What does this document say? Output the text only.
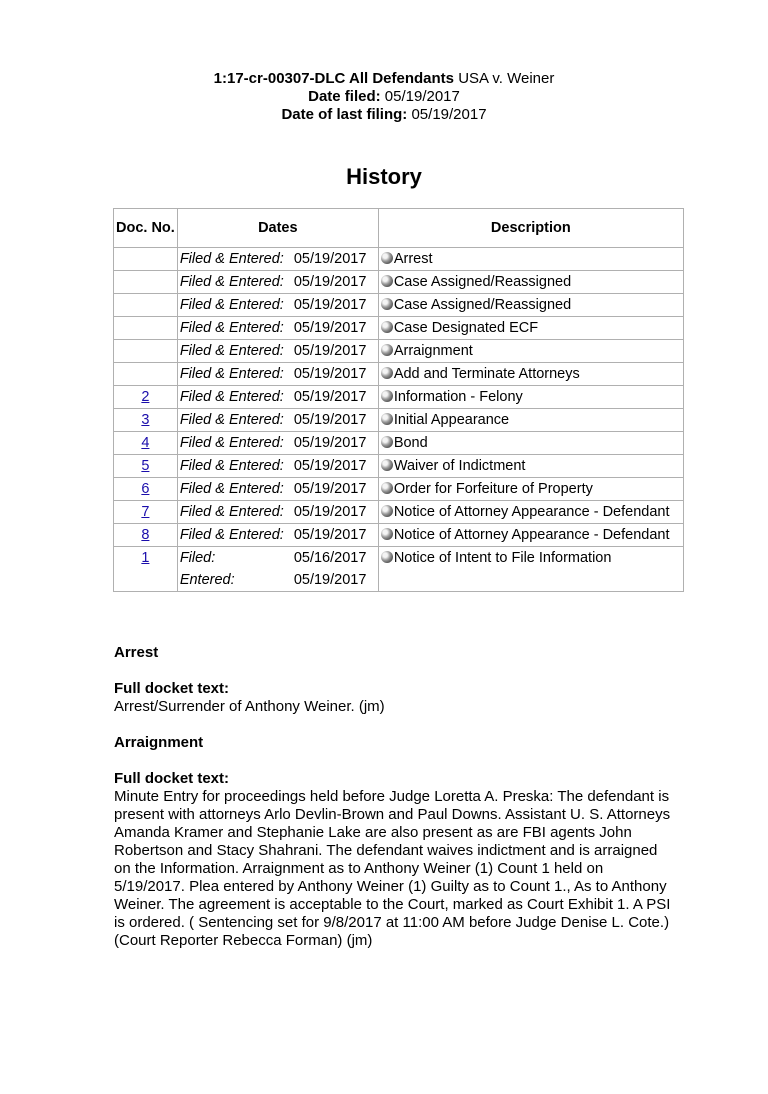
1:17-cr-00307-DLC All Defendants USA v. Weiner
Date filed: 05/19/2017
Date of last filing: 05/19/2017
History
Doc. No.	Dates	Description

	Filed & Entered: 05/19/2017	Arrest

	Filed & Entered: 05/19/2017	Case Assigned/Reassigned

	Filed & Entered: 05/19/2017	Case Assigned/Reassigned

	Filed & Entered: 05/19/2017	Case Designated ECF

	Filed & Entered: 05/19/2017	Arraignment

	Filed & Entered: 05/19/2017	Add and Terminate Attorneys
2	Filed & Entered: 05/19/2017	Information - Felony
3	Filed & Entered: 05/19/2017	Initial Appearance
4	Filed & Entered: 05/19/2017	Bond
5	Filed & Entered: 05/19/2017	Waiver of Indictment
6	Filed & Entered: 05/19/2017	Order for Forfeiture of Property
7	Filed & Entered: 05/19/2017	Notice of Attorney Appearance - Defendant
8	Filed & Entered: 05/19/2017	Notice of Attorney Appearance - Defendant
1	Filed: 05/16/2017
Entered: 05/19/2017	Notice of Intent to File Information

Arrest

Full docket text:

Arrest/Surrender of Anthony Weiner. (jm)

Arraignment

Full docket text:

Minute Entry for proceedings held before Judge Loretta A. Preska: The defendant is present with attorneys Arlo Devlin-Brown and Paul Downs. Assistant U. S. Attorneys Amanda Kramer and Stephanie Lake are also present as are FBI agents John Robertson and Stacy Shahrani. The defendant waives indictment and is arraigned on the Information. Arraignment as to Anthony Weiner (1) Count 1 held on 5/19/2017. Plea entered by Anthony Weiner (1) Guilty as to Count 1., As to Anthony Weiner. The agreement is acceptable to the Court, marked as Court Exhibit 1. A PSI is ordered. ( Sentencing set for 9/8/2017 at 11:00 AM before Judge Denise L. Cote.) (Court Reporter Rebecca Forman) (jm)
